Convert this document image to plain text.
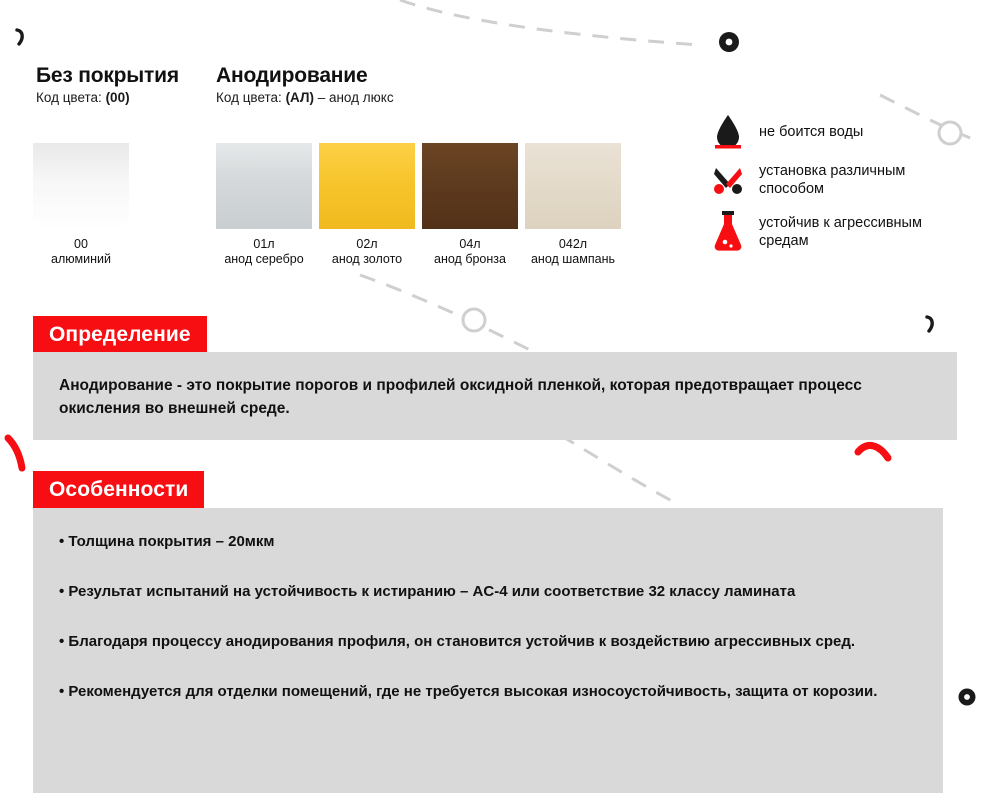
Без покрытия
Код цвета: (00)
Анодирование
Код цвета: (АЛ) – анод люкс
00
алюминий
01л
анод серебро
02л
анод золото
04л
анод бронза
042л
анод шампань
не боится воды
установка различным способом
устойчив к агрессивным средам
Определение

Анодирование - это покрытие порогов и профилей оксидной пленкой, которая предотвращает процесс окисления во внешней среде.

Особенности

• Толщина покрытия – 20мкм

• Результат испытаний на устойчивость к истиранию – AC-4 или соответствие 32 классу ламината

• Благодаря процессу анодирования профиля, он становится устойчив к воздействию агрессивных сред.

• Рекомендуется для отделки помещений, где не требуется высокая износоустойчивость, защита от корозии.
